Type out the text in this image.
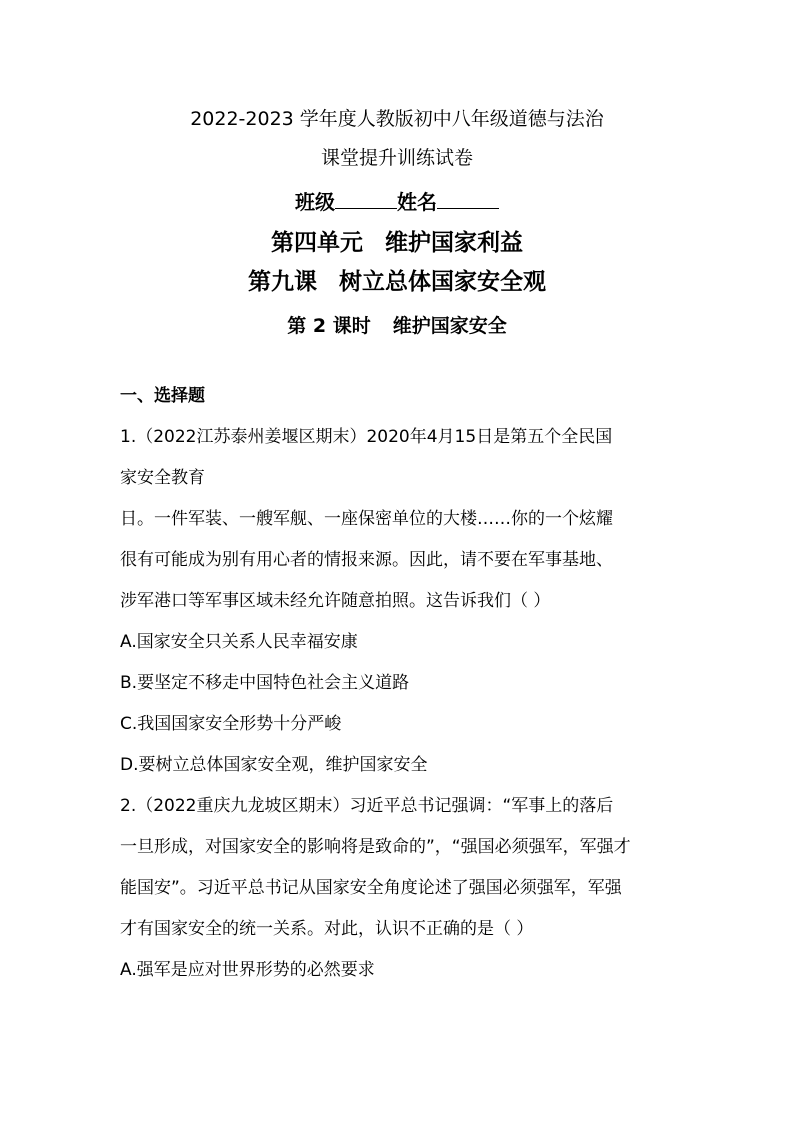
2022-2023 学年度人教版初中八年级道德与法治
课堂提升训练试卷
班级	姓名
第四单元 维护国家利益
第九课 树立总体国家安全观
第 2 课时 维护国家安全
一、选择题
1.（2022江苏泰州姜堰区期末）2020年4月15日是第五个全民国
家安全教育
日。一件军装、一艘军舰、一座保密单位的大楼……你的一个炫耀
很有可能成为别有用心者的情报来源。因此，请不要在军事基地、
涉军港口等军事区域未经允许随意拍照。这告诉我们（ ）
A.国家安全只关系人民幸福安康
B.要坚定不移走中国特色社会主义道路
C.我国国家安全形势十分严峻
D.要树立总体国家安全观，维护国家安全
2.（2022重庆九龙坡区期末）习近平总书记强调：“军事上的落后
一旦形成，对国家安全的影响将是致命的”，“强国必须强军，军强才
能国安”。习近平总书记从国家安全角度论述了强国必须强军，军强
才有国家安全的统一关系。对此，认识不正确的是（ ）
A.强军是应对世界形势的必然要求
